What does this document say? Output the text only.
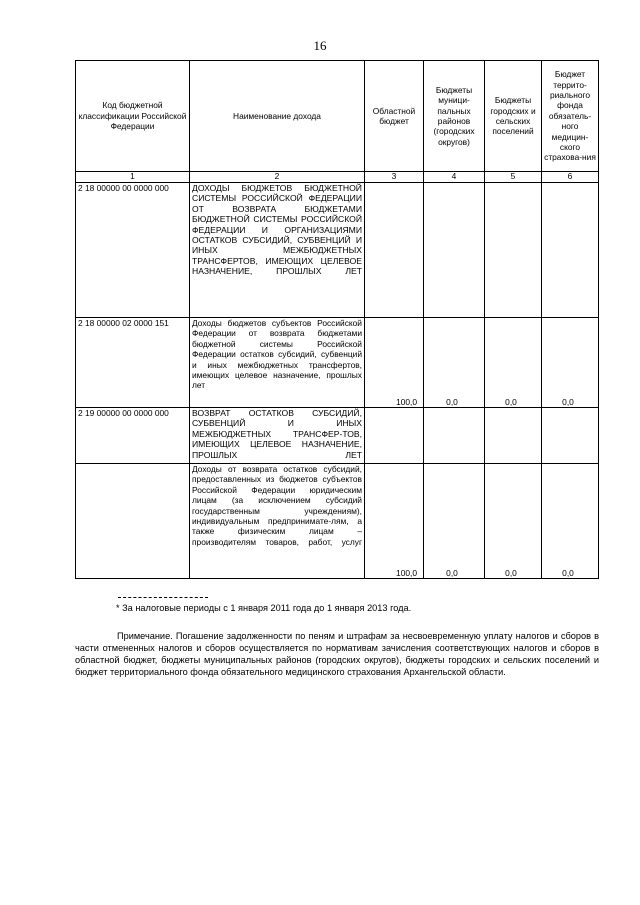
16
Код бюджетной классификации Российской Федерации	Наименование дохода	Областной бюджет	Бюджеты муници-пальных районов (городских округов)	Бюджеты городских и сельских поселений	Бюджет террито-риального фонда обязатель-ного медицин-ского страхова-ния
1	2	3	4	5	6
2 18 00000 00 0000 000	ДОХОДЫ БЮДЖЕТОВ БЮДЖЕТНОЙ СИСТЕМЫ РОССИЙСКОЙ ФЕДЕРАЦИИ ОТ ВОЗВРАТА БЮДЖЕТАМИ БЮДЖЕТНОЙ СИСТЕМЫ РОССИЙСКОЙ ФЕДЕРАЦИИ И ОРГАНИЗАЦИЯМИ ОСТАТКОВ СУБСИДИЙ, СУБВЕНЦИЙ И ИНЫХ МЕЖБЮДЖЕТНЫХ ТРАНСФЕРТОВ, ИМЕЮЩИХ ЦЕЛЕВОЕ НАЗНАЧЕНИЕ, ПРОШЛЫХ ЛЕТ				
2 18 00000 02 0000 151	Доходы бюджетов субъектов Российской Федерации от возврата бюджетами бюджетной системы Российской Федерации остатков субсидий, субвенций и иных межбюджетных трансфертов, имеющих целевое назначение, прошлых лет	100,0	0,0	0,0	0,0
2 19 00000 00 0000 000	ВОЗВРАТ ОСТАТКОВ СУБСИДИЙ, СУБВЕНЦИЙ И ИНЫХ МЕЖБЮДЖЕТНЫХ ТРАНСФЕР-ТОВ, ИМЕЮЩИХ ЦЕЛЕВОЕ НАЗНАЧЕНИЕ, ПРОШЛЫХ ЛЕТ				
	Доходы от возврата остатков субсидий, предоставленных из бюджетов субъектов Российской Федерации юридическим лицам (за исключением субсидий государственным учреждениям), индивидуальным предпринимате-лям, а также физическим лицам – производителям товаров, работ, услуг	100,0	0,0	0,0	0,0
* За налоговые периоды с 1 января 2011 года до 1 января 2013 года.
Примечание. Погашение задолженности по пеням и штрафам за несвоевременную уплату налогов и сборов в части отмененных налогов и сборов осуществляется по нормативам зачисления соответствующих налогов и сборов в областной бюджет, бюджеты муниципальных районов (городских округов), бюджеты городских и сельских поселений и бюджет территориального фонда обязательного медицинского страхования Архангельской области.
